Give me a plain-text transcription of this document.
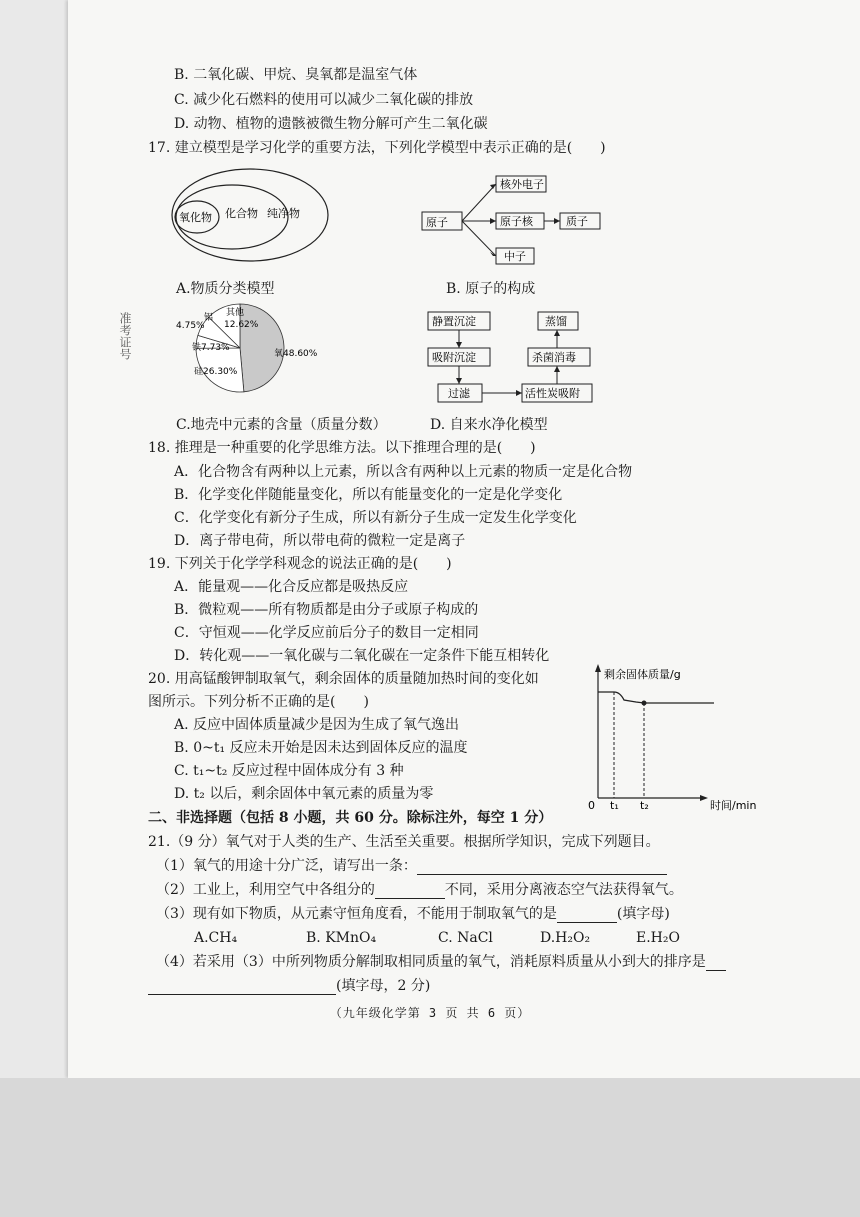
准考证号
B. 二氧化碳、甲烷、臭氧都是温室气体
C. 减少化石燃料的使用可以减少二氧化碳的排放
D. 动物、植物的遗骸被微生物分解可产生二氧化碳
17. 建立模型是学习化学的重要方法，下列化学模型中表示正确的是(　　)
氧化物 化合物 纯净物
A.物质分类模型
原子
核外电子
原子核	质子
中子
B. 原子的构成
铝
4.75%
其他
12.62%
铁7.73%
氧48.60%
硅26.30%
C.地壳中元素的含量（质量分数）
静置沉淀
吸附沉淀
过滤	活性炭吸附
杀菌消毒
蒸馏
D. 自来水净化模型
18. 推理是一种重要的化学思维方法。以下推理合理的是(　　)
A．化合物含有两种以上元素，所以含有两种以上元素的物质一定是化合物
B．化学变化伴随能量变化，所以有能量变化的一定是化学变化
C．化学变化有新分子生成，所以有新分子生成一定发生化学变化
D．离子带电荷，所以带电荷的微粒一定是离子
19. 下列关于化学学科观念的说法正确的是(　　)
A．能量观——化合反应都是吸热反应
B．微粒观——所有物质都是由分子或原子构成的
C．守恒观——化学反应前后分子的数目一定相同
D．转化观——一氧化碳与二氧化碳在一定条件下能互相转化
20. 用高锰酸钾制取氧气，剩余固体的质量随加热时间的变化如
图所示。下列分析不正确的是(　　)
A. 反应中固体质量减少是因为生成了氧气逸出
B. 0~t₁ 反应未开始是因未达到固体反应的温度
C. t₁~t₂ 反应过程中固体成分有 3 种
D. t₂ 以后，剩余固体中氧元素的质量为零
剩余固体质量/g
0 t₁ t₂	时间/min
二、非选择题（包括 8 小题，共 60 分。除标注外，每空 1 分）
21.（9 分）氧气对于人类的生产、生活至关重要。根据所学知识，完成下列题目。
（1）氧气的用途十分广泛，请写出一条：
（2）工业上，利用空气中各组分的	不同，采用分离液态空气法获得氧气。
（3）现有如下物质，从元素守恒角度看，不能用于制取氧气的是	(填字母)
A.CH₄	B. KMnO₄	C. NaCl	D.H₂O₂	E.H₂O
（4）若采用（3）中所列物质分解制取相同质量的氧气，消耗原料质量从小到大的排序是
(填字母，2 分)
（九年级化学第 3 页 共 6 页）
